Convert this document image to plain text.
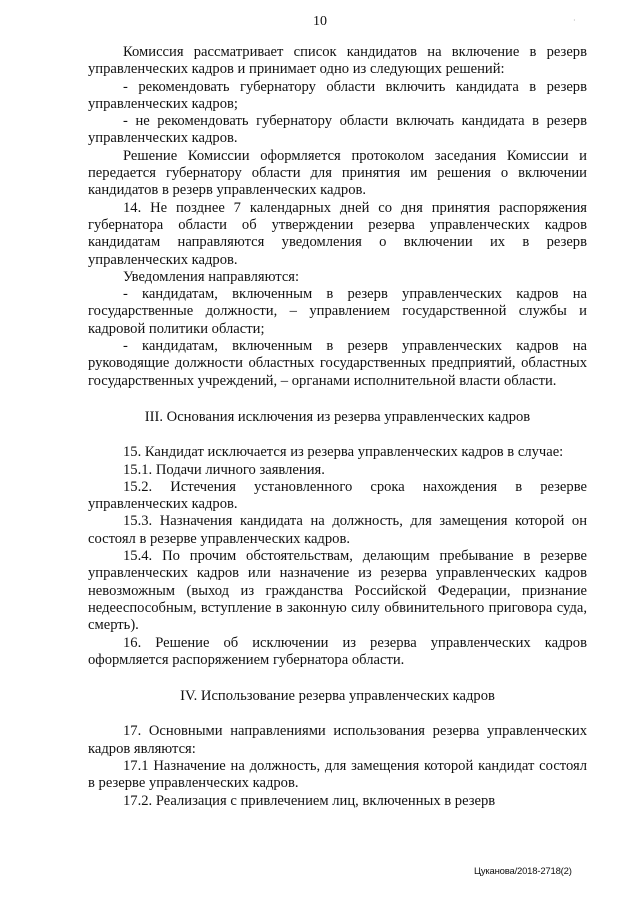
10	·

Комиссия рассматривает список кандидатов на включение в резерв управленческих кадров и принимает одно из следующих решений:

- рекомендовать губернатору области включить кандидата в резерв управленческих кадров;

- не рекомендовать губернатору области включать кандидата в резерв управленческих кадров.

Решение Комиссии оформляется протоколом заседания Комиссии и передается губернатору области для принятия им решения о включении кандидатов в резерв управленческих кадров.

14. Не позднее 7 календарных дней со дня принятия распоряжения губернатора области об утверждении резерва управленческих кадров кандидатам направляются уведомления о включении их в резерв управленческих кадров.

Уведомления направляются:

- кандидатам, включенным в резерв управленческих кадров на государственные должности, – управлением государственной службы и кадровой политики области;

- кандидатам, включенным в резерв управленческих кадров на руководящие должности областных государственных предприятий, областных государственных учреждений, – органами исполнительной власти области.

III. Основания исключения из резерва управленческих кадров

15. Кандидат исключается из резерва управленческих кадров в случае:

15.1. Подачи личного заявления.

15.2. Истечения установленного срока нахождения в резерве управленческих кадров.

15.3. Назначения кандидата на должность, для замещения которой он состоял в резерве управленческих кадров.

15.4. По прочим обстоятельствам, делающим пребывание в резерве управленческих кадров или назначение из резерва управленческих кадров невозможным (выход из гражданства Российской Федерации, признание недееспособным, вступление в законную силу обвинительного приговора суда, смерть).

16. Решение об исключении из резерва управленческих кадров оформляется распоряжением губернатора области.

IV. Использование резерва управленческих кадров

17. Основными направлениями использования резерва управленческих кадров являются:

17.1 Назначение на должность, для замещения которой кандидат состоял в резерве управленческих кадров.

17.2. Реализация с привлечением лиц, включенных в резерв

Цуканова/2018-2718(2)
